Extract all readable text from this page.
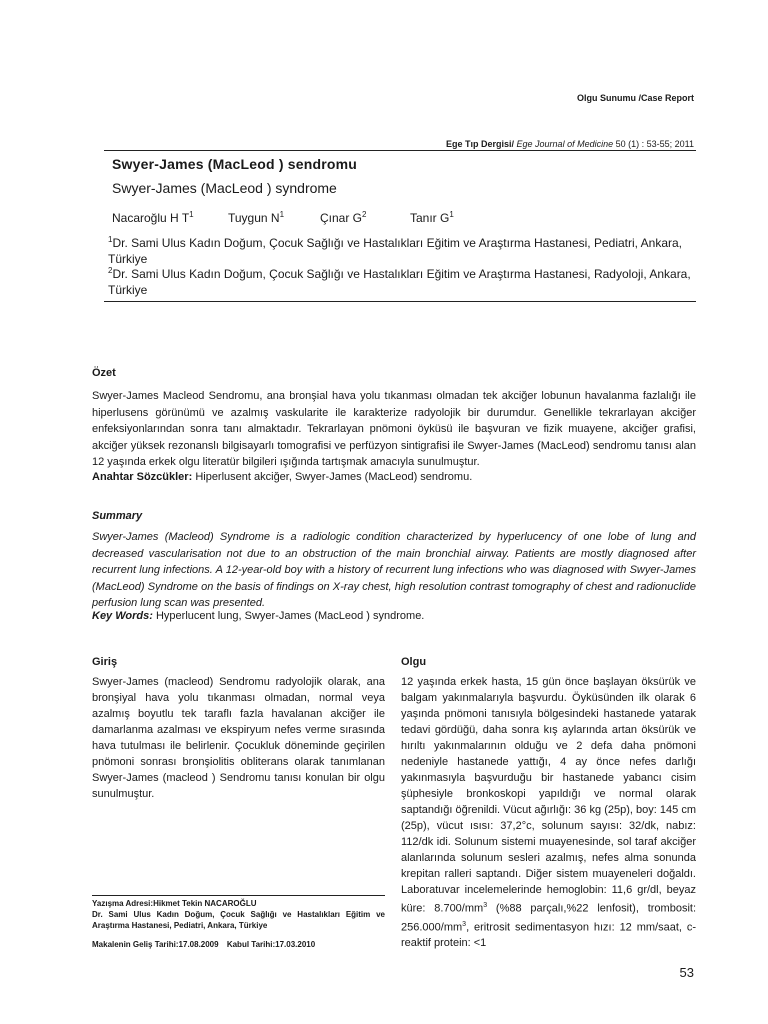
Olgu Sunumu /Case Report
Ege Tıp Dergisi/ Ege Journal of Medicine 50 (1) : 53-55; 2011
Swyer-James (MacLeod ) sendromu
Swyer-James (MacLeod ) syndrome
Nacaroğlu H $T^1$	Tuygun $N^1$	Çınar $G^2$	Tanır $G^1$
$^1$Dr. Sami Ulus Kadın Doğum, Çocuk Sağlığı ve Hastalıkları Eğitim ve Araştırma Hastanesi, Pediatri, Ankara, Türkiye
$^2$Dr. Sami Ulus Kadın Doğum, Çocuk Sağlığı ve Hastalıkları Eğitim ve Araştırma Hastanesi, Radyoloji, Ankara, Türkiye
Özet
Swyer-James Macleod Sendromu, ana bronşial hava yolu tıkanması olmadan tek akciğer lobunun havalanma fazlalığı ile hiperlusens görünümü ve azalmış vaskularite ile karakterize radyolojik bir durumdur. Genellikle tekrarlayan akciğer enfeksiyonlarından sonra tanı almaktadır. Tekrarlayan pnömoni öyküsü ile başvuran ve fizik muayene, akciğer grafisi, akciğer yüksek rezonanslı bilgisayarlı tomografisi ve perfüzyon sintigrafisi ile Swyer-James (MacLeod) sendromu tanısı alan 12 yaşında erkek olgu literatür bilgileri ışığında tartışmak amacıyla sunulmuştur.
Anahtar Sözcükler: Hiperlusent akciğer, Swyer-James (MacLeod) sendromu.
Summary
Swyer-James (Macleod) Syndrome is a radiologic condition characterized by hyperlucency of one lobe of lung and decreased vascularisation not due to an obstruction of the main bronchial airway. Patients are mostly diagnosed after recurrent lung infections. A 12-year-old boy with a history of recurrent lung infections who was diagnosed with Swyer-James (MacLeod) Syndrome on the basis of findings on X-ray chest, high resolution contrast tomography of chest and radionuclide perfusion lung scan was presented.
Key Words: Hyperlucent lung, Swyer-James (MacLeod ) syndrome.
Giriş
Swyer-James (macleod) Sendromu radyolojik olarak, ana bronşiyal hava yolu tıkanması olmadan, normal veya azalmış boyutlu tek taraflı fazla havalanan akciğer ile damarlanma azalması ve ekspiryum nefes verme sırasında hava tutulması ile belirlenir. Çocukluk döneminde geçirilen pnömoni sonrası bronşiolitis obliterans olarak tanımlanan Swyer-James (macleod ) Sendromu tanısı konulan bir olgu sunulmuştur.
Olgu
12 yaşında erkek hasta, 15 gün önce başlayan öksürük ve balgam yakınmalarıyla başvurdu. Öyküsünden ilk olarak 6 yaşında pnömoni tanısıyla bölgesindeki hastanede yatarak tedavi gördüğü, daha sonra kış aylarında artan öksürük ve hırıltı yakınmalarının olduğu ve 2 defa daha pnömoni nedeniyle hastanede yattığı, 4 ay önce nefes darlığı yakınmasıyla başvurduğu bir hastanede yabancı cisim şüphesiyle bronkoskopi yapıldığı ve normal olarak saptandığı öğrenildi. Vücut ağırlığı: 36 kg (25p), boy: 145 cm (25p), vücut ısısı: 37,2°c, solunum sayısı: 32/dk, nabız: 112/dk idi. Solunum sistemi muayenesinde, sol taraf akciğer alanlarında solunum sesleri azalmış, nefes alma sonunda krepitan ralleri saptandı. Diğer sistem muayeneleri doğaldı. Laboratuvar incelemelerinde hemoglobin: 11,6 gr/dl, beyaz küre: $8.700/mm^3$ (%88 parçalı,%22 lenfosit), trombosit: $256.000/mm^3$, eritrosit sedimentasyon hızı: 12 mm/saat, c-reaktif protein: <1
Yazışma Adresi:Hikmet Tekin NACAROĞLU
Dr. Sami Ulus Kadın Doğum, Çocuk Sağlığı ve Hastalıkları Eğitim ve Araştırma Hastanesi, Pediatri, Ankara, Türkiye
Makalenin Geliş Tarihi:17.08.2009 Kabul Tarihi:17.03.2010
53
